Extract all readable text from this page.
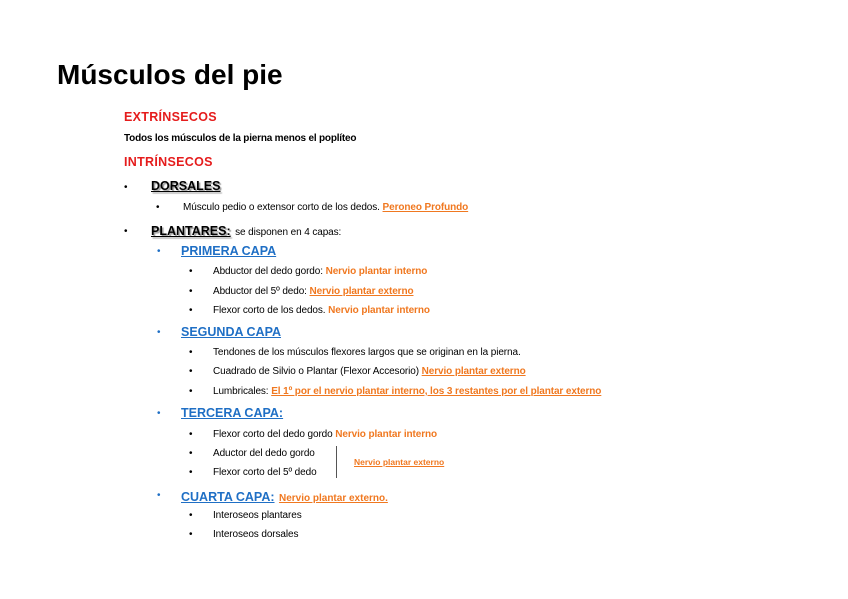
Músculos del pie
EXTRÍNSECOS
Todos los músculos de la pierna menos el poplíteo
INTRÍNSECOS
• DORSALES
• Músculo pedio o extensor corto de los dedos. Peroneo Profundo
• PLANTARES: se disponen en 4 capas:
• PRIMERA CAPA
• Abductor del dedo gordo: Nervio plantar interno
• Abductor del 5º dedo: Nervio plantar externo
• Flexor corto de los dedos. Nervio plantar interno
• SEGUNDA CAPA
• Tendones de los músculos flexores largos que se originan en la pierna.
• Cuadrado de Silvio o Plantar (Flexor Accesorio) Nervio plantar externo
• Lumbricales: El 1º por el nervio plantar interno, los 3 restantes por el plantar externo
• TERCERA CAPA:
• Flexor corto del dedo gordo Nervio plantar interno
• Aductor del dedo gordo
• Flexor corto del 5º dedo
Nervio plantar externo
• CUARTA CAPA: Nervio plantar externo.
• Interoseos plantares
• Interoseos dorsales
